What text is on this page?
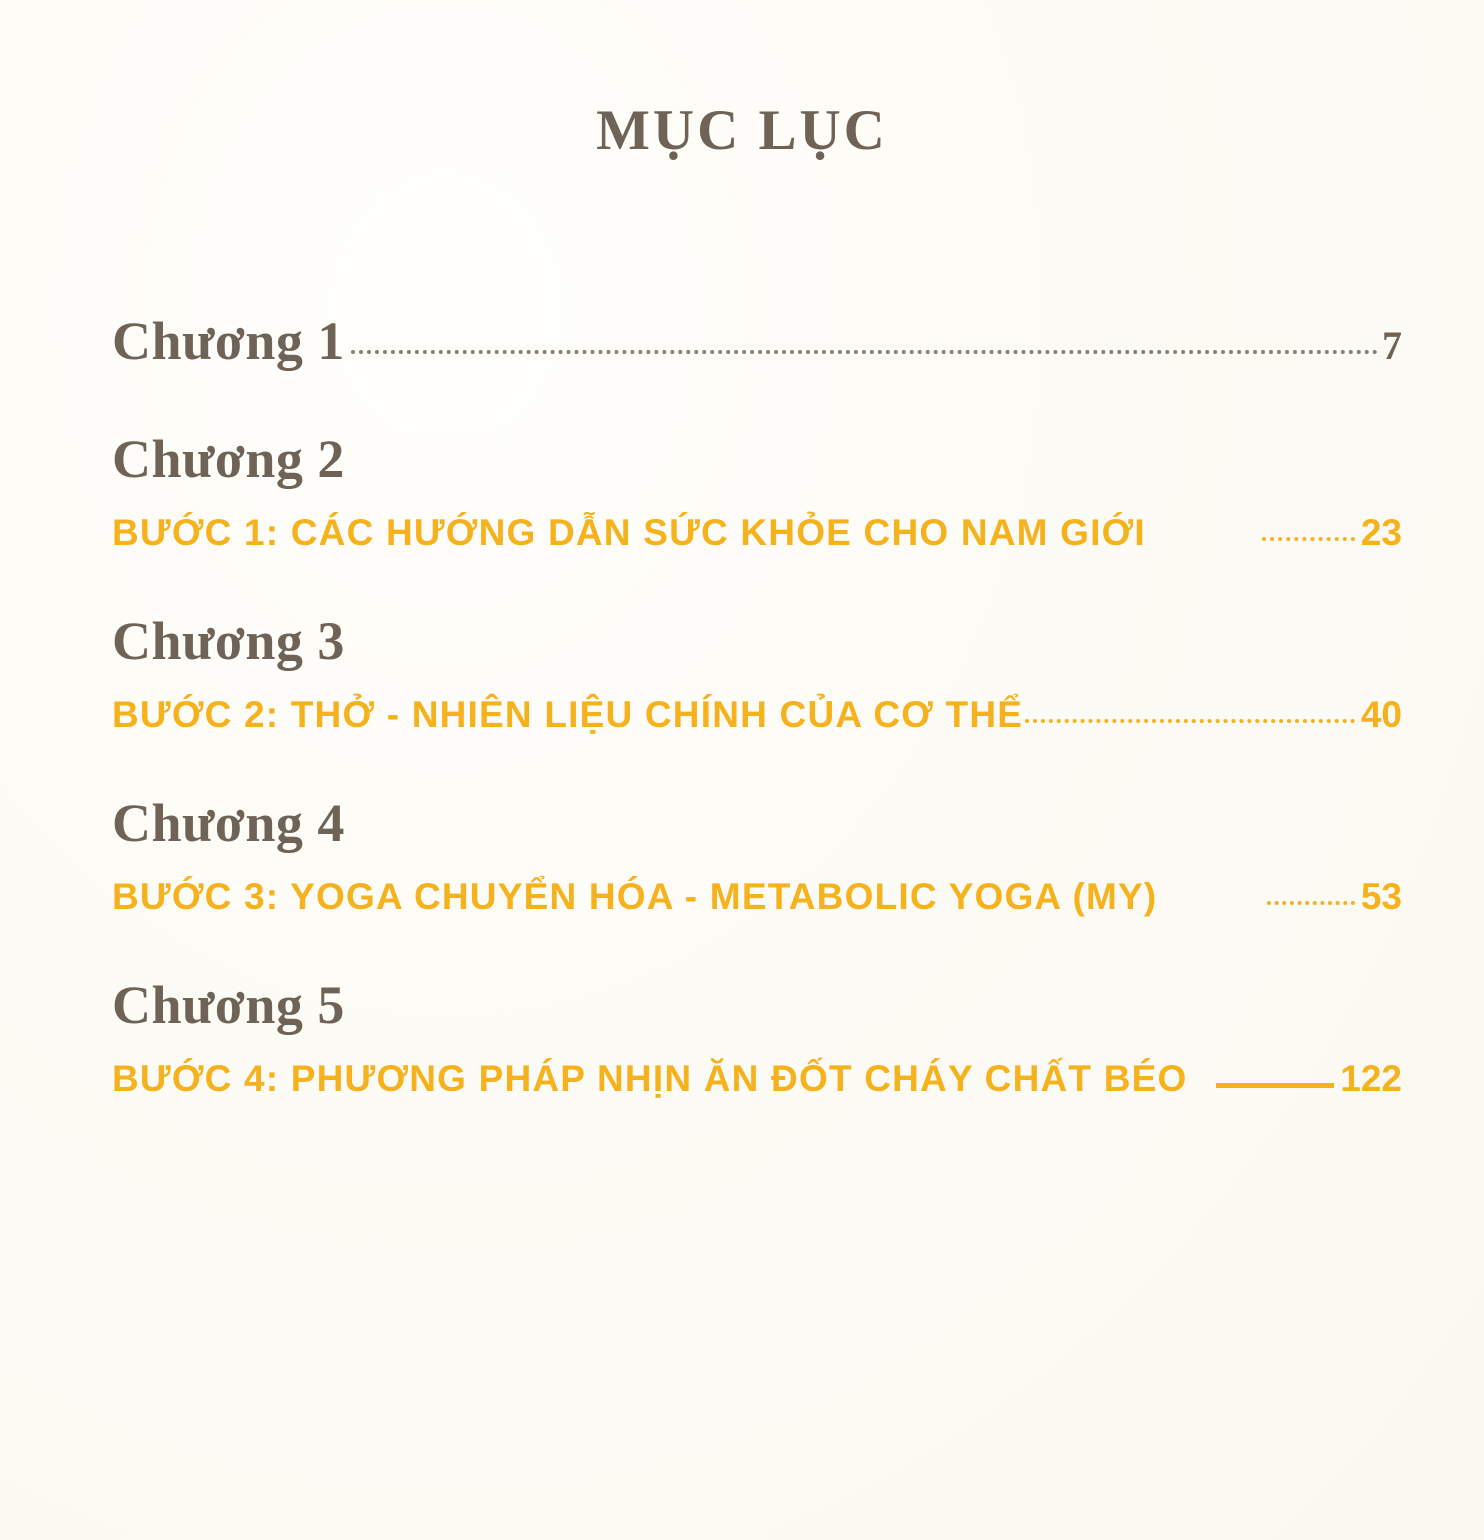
MỤC LỤC
Chương 1	7
Chương 2
BƯỚC 1: CÁC HƯỚNG DẪN SỨC KHỎE CHO NAM GIỚI	23
Chương 3
BƯỚC 2: THỞ - NHIÊN LIỆU CHÍNH CỦA CƠ THỂ	40
Chương 4
BƯỚC 3: YOGA CHUYỂN HÓA - METABOLIC YOGA (MY)	53
Chương 5
BƯỚC 4: PHƯƠNG PHÁP NHỊN ĂN ĐỐT CHÁY CHẤT BÉO	122
